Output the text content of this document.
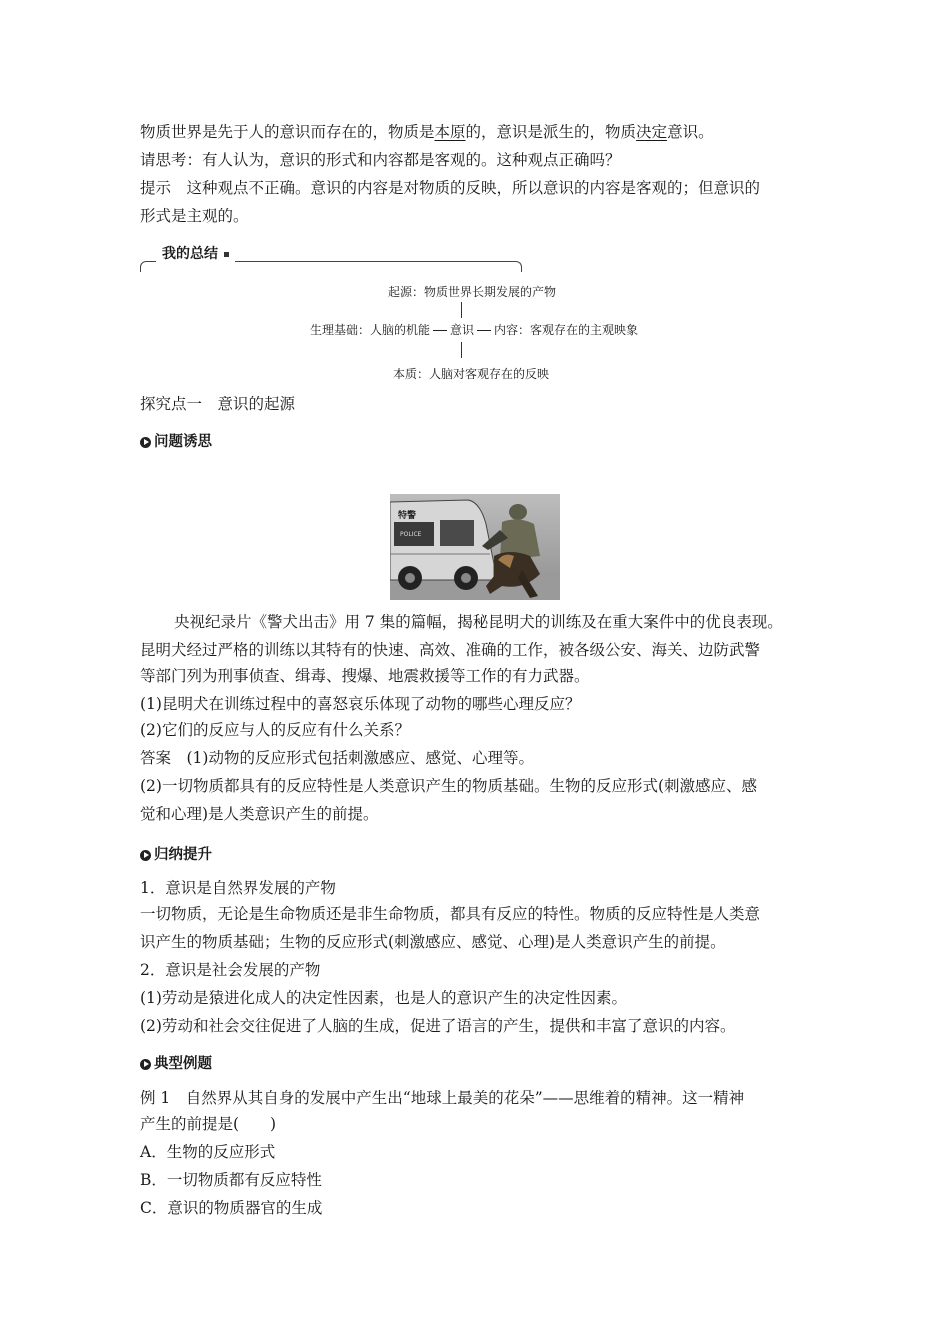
物质世界是先于人的意识而存在的，物质是本原的，意识是派生的，物质决定意识。
请思考：有人认为，意识的形式和内容都是客观的。这种观点正确吗？
提示　这种观点不正确。意识的内容是对物质的反映，所以意识的内容是客观的；但意识的
形式是主观的。
我的总结
起源：物质世界长期发展的产物
生理基础：人脑的机能 意识 内容：客观存在的主观映象
本质：人脑对客观存在的反映
探究点一　意识的起源
问题诱思
特警
POLICE
央视纪录片《警犬出击》用 7 集的篇幅，揭秘昆明犬的训练及在重大案件中的优良表现。
昆明犬经过严格的训练以其特有的快速、高效、准确的工作，被各级公安、海关、边防武警
等部门列为刑事侦查、缉毒、搜爆、地震救援等工作的有力武器。
(1)昆明犬在训练过程中的喜怒哀乐体现了动物的哪些心理反应？
(2)它们的反应与人的反应有什么关系？
答案　(1)动物的反应形式包括刺激感应、感觉、心理等。
(2)一切物质都具有的反应特性是人类意识产生的物质基础。生物的反应形式(刺激感应、感
觉和心理)是人类意识产生的前提。
归纳提升
1．意识是自然界发展的产物
一切物质，无论是生命物质还是非生命物质，都具有反应的特性。物质的反应特性是人类意
识产生的物质基础；生物的反应形式(刺激感应、感觉、心理)是人类意识产生的前提。
2．意识是社会发展的产物
(1)劳动是猿进化成人的决定性因素，也是人的意识产生的决定性因素。
(2)劳动和社会交往促进了人脑的生成，促进了语言的产生，提供和丰富了意识的内容。
典型例题
例 1　自然界从其自身的发展中产生出“地球上最美的花朵”——思维着的精神。这一精神
产生的前提是(　　)
A．生物的反应形式
B．一切物质都有反应特性
C．意识的物质器官的生成
